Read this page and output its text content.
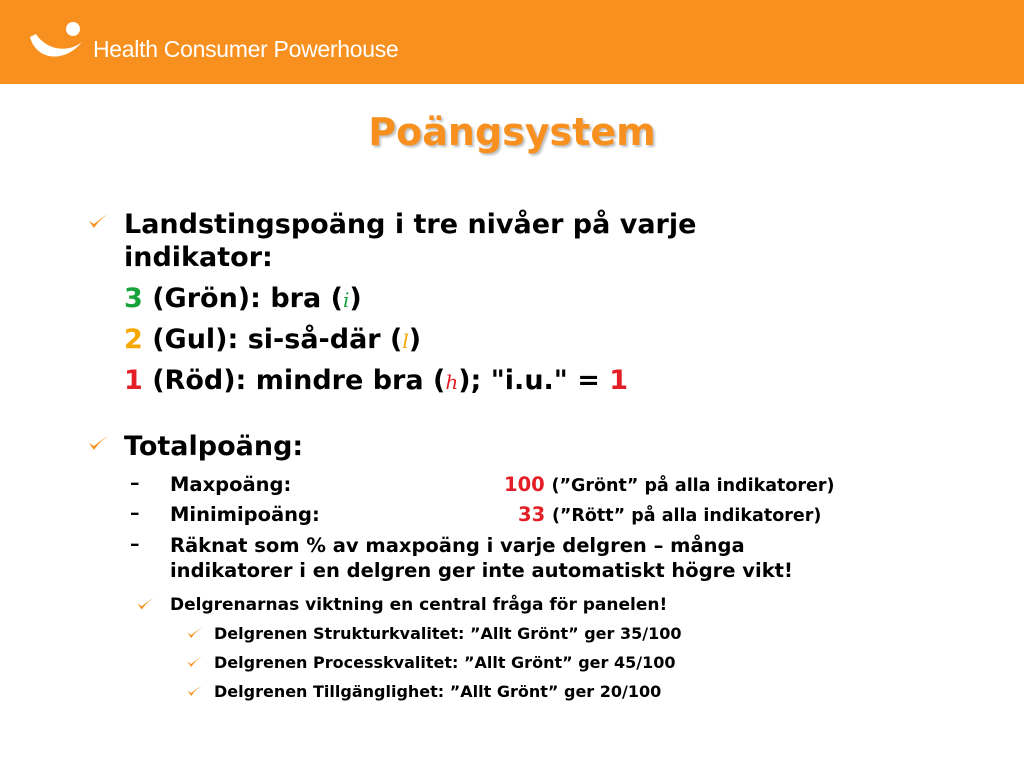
Health Consumer Powerhouse
Poängsystem
Landstingspoäng i tre nivåer på varje
indikator:
3 (Grön): bra (i)
2 (Gul): si-så-där (l)
1 (Röd): mindre bra (h); "i.u." = 1
Totalpoäng:
– Maxpoäng:	100 (”Grönt” på alla indikatorer)
– Minimipoäng:	33 (”Rött” på alla indikatorer)
– Räknat som % av maxpoäng i varje delgren – många
indikatorer i en delgren ger inte automatiskt högre vikt!
Delgrenarnas viktning en central fråga för panelen!
Delgrenen Strukturkvalitet: ”Allt Grönt” ger 35/100
Delgrenen Processkvalitet: ”Allt Grönt” ger 45/100
Delgrenen Tillgänglighet: ”Allt Grönt” ger 20/100
